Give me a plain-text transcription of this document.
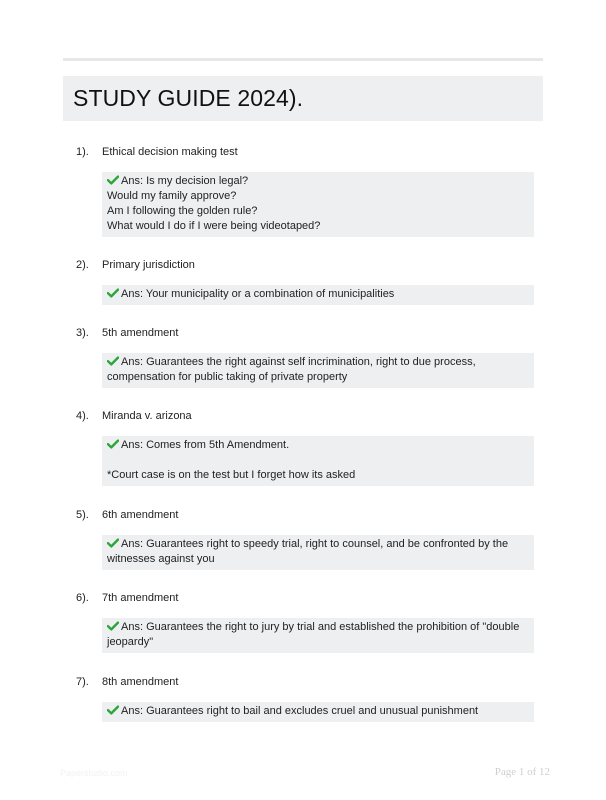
STUDY GUIDE 2024).
1).	Ethical decision making test
Ans: Is my decision legal?
Would my family approve?
Am I following the golden rule?
What would I do if I were being videotaped?
2).	Primary jurisdiction
Ans: Your municipality or a combination of municipalities
3).	5th amendment
Ans: Guarantees the right against self incrimination, right to due process,
compensation for public taking of private property
4).	Miranda v. arizona
Ans: Comes from 5th Amendment.
*Court case is on the test but I forget how its asked
5).	6th amendment
Ans: Guarantees right to speedy trial, right to counsel, and be confronted by the
witnesses against you
6).	7th amendment
Ans: Guarantees the right to jury by trial and established the prohibition of "double
jeopardy"
7).	8th amendment
Ans: Guarantees right to bail and excludes cruel and unusual punishment
Paperstudio.com	Page 1 of 12
